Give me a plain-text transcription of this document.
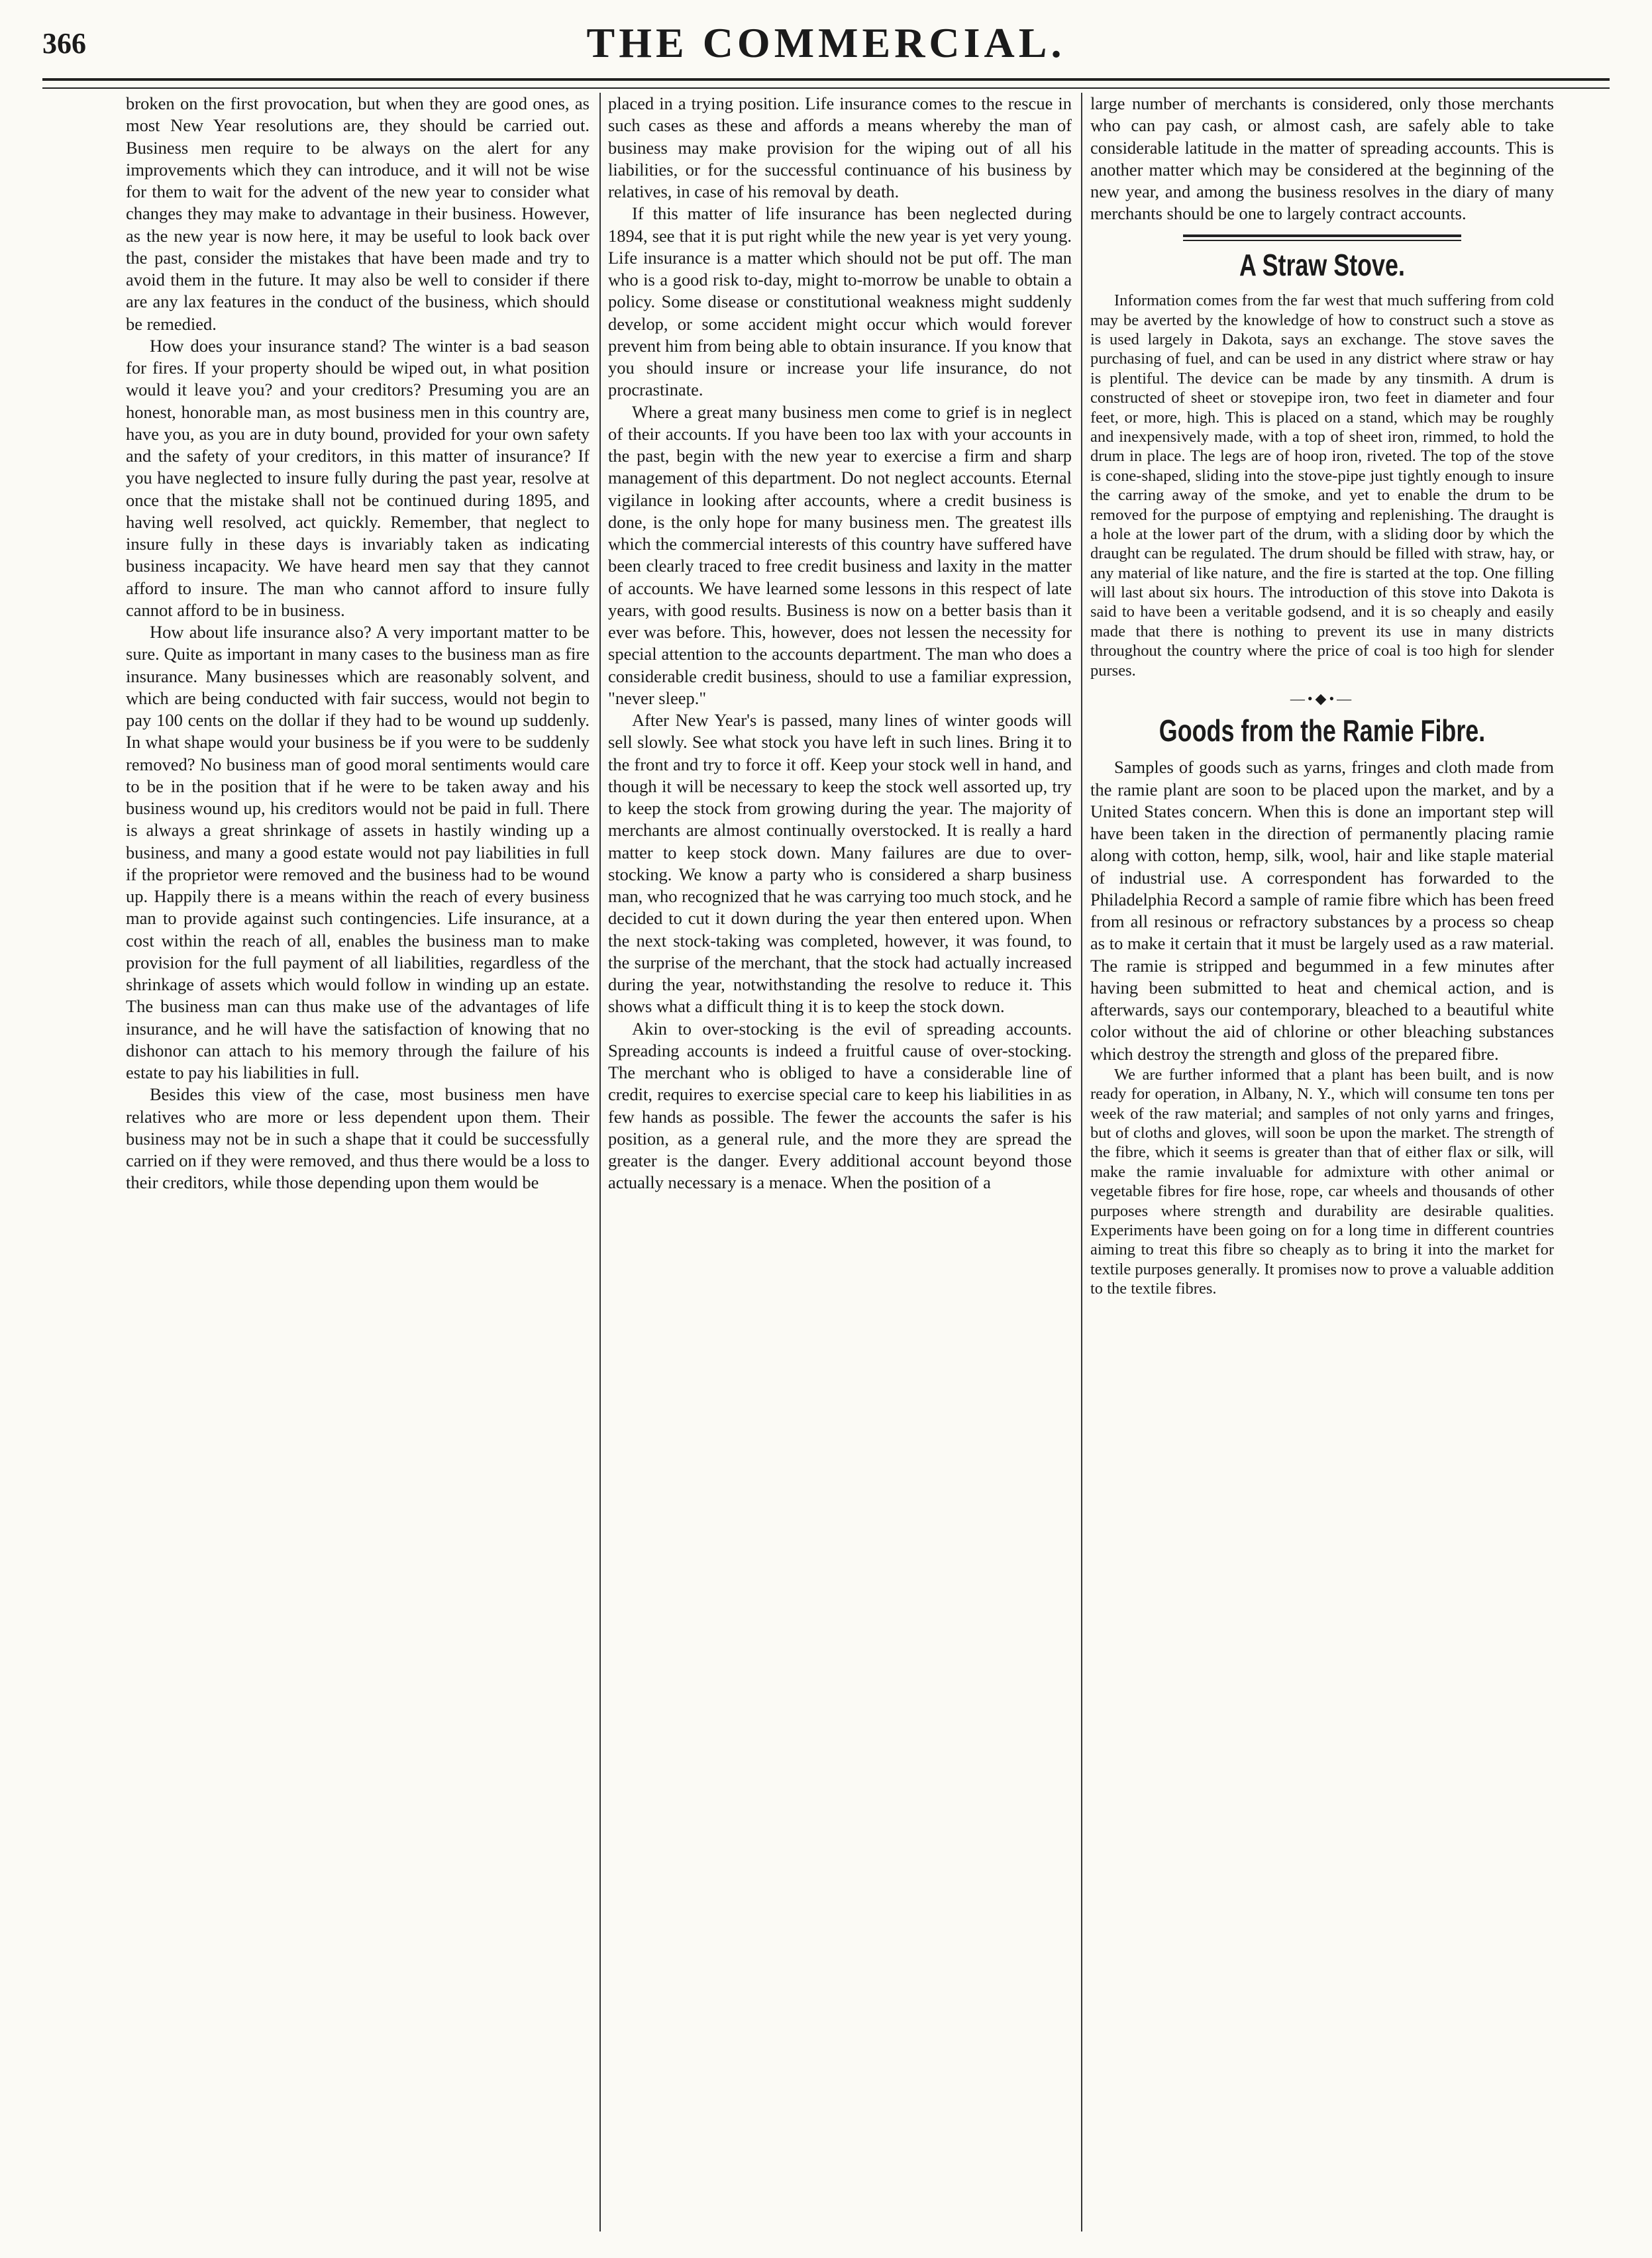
366	THE COMMERCIAL.

broken on the first provocation, but when they are good ones, as most New Year resolutions are, they should be carried out. Business men require to be always on the alert for any improvements which they can introduce, and it will not be wise for them to wait for the advent of the new year to consider what changes they may make to advantage in their business. However, as the new year is now here, it may be useful to look back over the past, consider the mistakes that have been made and try to avoid them in the future. It may also be well to consider if there are any lax features in the conduct of the business, which should be remedied.

How does your insurance stand? The winter is a bad season for fires. If your property should be wiped out, in what position would it leave you? and your creditors? Presuming you are an honest, honorable man, as most business men in this country are, have you, as you are in duty bound, provided for your own safety and the safety of your creditors, in this matter of insurance? If you have neglected to insure fully during the past year, resolve at once that the mistake shall not be continued during 1895, and having well resolved, act quickly. Remember, that neglect to insure fully in these days is invariably taken as indicating business incapacity. We have heard men say that they cannot afford to insure. The man who cannot afford to insure fully cannot afford to be in business.

How about life insurance also? A very important matter to be sure. Quite as important in many cases to the business man as fire insurance. Many businesses which are reasonably solvent, and which are being conducted with fair success, would not begin to pay 100 cents on the dollar if they had to be wound up suddenly. In what shape would your business be if you were to be suddenly removed? No business man of good moral sentiments would care to be in the position that if he were to be taken away and his business wound up, his creditors would not be paid in full. There is always a great shrinkage of assets in hastily winding up a business, and many a good estate would not pay liabilities in full if the proprietor were removed and the business had to be wound up. Happily there is a means within the reach of every business man to provide against such contingencies. Life insurance, at a cost within the reach of all, enables the business man to make provision for the full payment of all liabilities, regardless of the shrinkage of assets which would follow in winding up an estate. The business man can thus make use of the advantages of life insurance, and he will have the satisfaction of knowing that no dishonor can attach to his memory through the failure of his estate to pay his liabilities in full.

Besides this view of the case, most business men have relatives who are more or less dependent upon them. Their business may not be in such a shape that it could be successfully carried on if they were removed, and thus there would be a loss to their creditors, while those depending upon them would be

placed in a trying position. Life insurance comes to the rescue in such cases as these and affords a means whereby the man of business may make provision for the wiping out of all his liabilities, or for the successful continuance of his business by relatives, in case of his removal by death.

If this matter of life insurance has been neglected during 1894, see that it is put right while the new year is yet very young. Life insurance is a matter which should not be put off. The man who is a good risk to-day, might to-morrow be unable to obtain a policy. Some disease or constitutional weakness might suddenly develop, or some accident might occur which would forever prevent him from being able to obtain insurance. If you know that you should insure or increase your life insurance, do not procrastinate.

Where a great many business men come to grief is in neglect of their accounts. If you have been too lax with your accounts in the past, begin with the new year to exercise a firm and sharp management of this department. Do not neglect accounts. Eternal vigilance in looking after accounts, where a credit business is done, is the only hope for many business men. The greatest ills which the commercial interests of this country have suffered have been clearly traced to free credit business and laxity in the matter of accounts. We have learned some lessons in this respect of late years, with good results. Business is now on a better basis than it ever was before. This, however, does not lessen the necessity for special attention to the accounts department. The man who does a considerable credit business, should to use a familiar expression, "never sleep."

After New Year's is passed, many lines of winter goods will sell slowly. See what stock you have left in such lines. Bring it to the front and try to force it off. Keep your stock well in hand, and though it will be necessary to keep the stock well assorted up, try to keep the stock from growing during the year. The majority of merchants are almost continually overstocked. It is really a hard matter to keep stock down. Many failures are due to over-stocking. We know a party who is considered a sharp business man, who recognized that he was carrying too much stock, and he decided to cut it down during the year then entered upon. When the next stock-taking was completed, however, it was found, to the surprise of the merchant, that the stock had actually increased during the year, notwithstanding the resolve to reduce it. This shows what a difficult thing it is to keep the stock down.

Akin to over-stocking is the evil of spreading accounts. Spreading accounts is indeed a fruitful cause of over-stocking. The merchant who is obliged to have a considerable line of credit, requires to exercise special care to keep his liabilities in as few hands as possible. The fewer the accounts the safer is his position, as a general rule, and the more they are spread the greater is the danger. Every additional account beyond those actually necessary is a menace. When the position of a

large number of merchants is considered, only those merchants who can pay cash, or almost cash, are safely able to take considerable latitude in the matter of spreading accounts. This is another matter which may be considered at the beginning of the new year, and among the business resolves in the diary of many merchants should be one to largely contract accounts.

A Straw Stove.

Information comes from the far west that much suffering from cold may be averted by the knowledge of how to construct such a stove as is used largely in Dakota, says an exchange. The stove saves the purchasing of fuel, and can be used in any district where straw or hay is plentiful. The device can be made by any tinsmith. A drum is constructed of sheet or stovepipe iron, two feet in diameter and four feet, or more, high. This is placed on a stand, which may be roughly and inexpensively made, with a top of sheet iron, rimmed, to hold the drum in place. The legs are of hoop iron, riveted. The top of the stove is cone-shaped, sliding into the stove-pipe just tightly enough to insure the carring away of the smoke, and yet to enable the drum to be removed for the purpose of emptying and replenishing. The draught is a hole at the lower part of the drum, with a sliding door by which the draught can be regulated. The drum should be filled with straw, hay, or any material of like nature, and the fire is started at the top. One filling will last about six hours. The introduction of this stove into Dakota is said to have been a veritable godsend, and it is so cheaply and easily made that there is nothing to prevent its use in many districts throughout the country where the price of coal is too high for slender purses.

—•◆•—
Goods from the Ramie Fibre.

Samples of goods such as yarns, fringes and cloth made from the ramie plant are soon to be placed upon the market, and by a United States concern. When this is done an important step will have been taken in the direction of permanently placing ramie along with cotton, hemp, silk, wool, hair and like staple material of industrial use. A correspondent has forwarded to the Philadelphia Record a sample of ramie fibre which has been freed from all resinous or refractory substances by a process so cheap as to make it certain that it must be largely used as a raw material. The ramie is stripped and begummed in a few minutes after having been submitted to heat and chemical action, and is afterwards, says our contemporary, bleached to a beautiful white color without the aid of chlorine or other bleaching substances which destroy the strength and gloss of the prepared fibre.

We are further informed that a plant has been built, and is now ready for operation, in Albany, N. Y., which will consume ten tons per week of the raw material; and samples of not only yarns and fringes, but of cloths and gloves, will soon be upon the market. The strength of the fibre, which it seems is greater than that of either flax or silk, will make the ramie invaluable for admixture with other animal or vegetable fibres for fire hose, rope, car wheels and thousands of other purposes where strength and durability are desirable qualities. Experiments have been going on for a long time in different countries aiming to treat this fibre so cheaply as to bring it into the market for textile purposes generally. It promises now to prove a valuable addition to the textile fibres.
